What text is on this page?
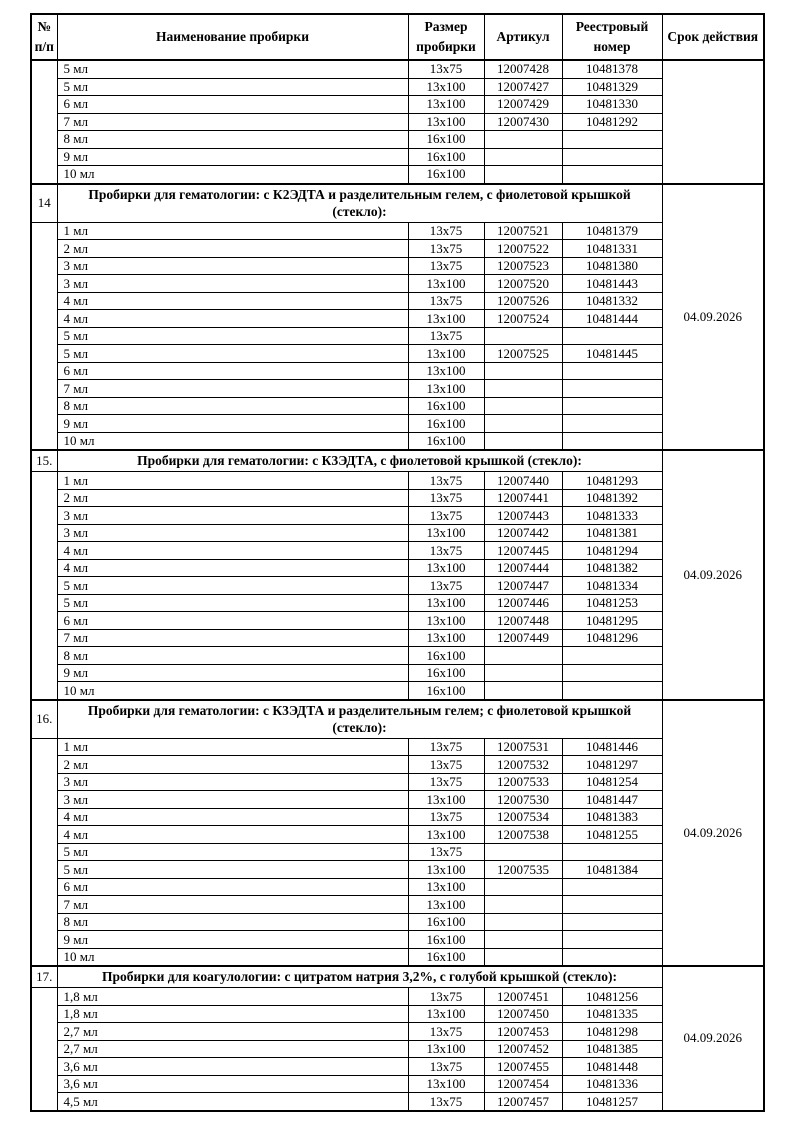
№ п/п	Наименование пробирки	Размер пробирки	Артикул	Реестровый номер	Срок действия
	5 мл	13x75	12007428	10481378	
	5 мл	13x100	12007427	10481329	
	6 мл	13x100	12007429	10481330	
	7 мл	13x100	12007430	10481292	
	8 мл	16x100			
	9 мл	16x100			
	10 мл	16x100			
14	Пробирки для гематологии: с К2ЭДТА и разделительным гелем, с фиолетовой крышкой (стекло):				04.09.2026
	1 мл	13x75	12007521	10481379	
	2 мл	13x75	12007522	10481331	
	3 мл	13x75	12007523	10481380	
	3 мл	13x100	12007520	10481443	
	4 мл	13x75	12007526	10481332	
	4 мл	13x100	12007524	10481444	
	5 мл	13x75			
	5 мл	13x100	12007525	10481445	
	6 мл	13x100			
	7 мл	13x100			
	8 мл	16x100			
	9 мл	16x100			
	10 мл	16x100			
15.	Пробирки для гематологии: с К3ЭДТА, с фиолетовой крышкой (стекло):				04.09.2026
	1 мл	13x75	12007440	10481293	
	2 мл	13x75	12007441	10481392	
	3 мл	13x75	12007443	10481333	
	3 мл	13x100	12007442	10481381	
	4 мл	13x75	12007445	10481294	
	4 мл	13x100	12007444	10481382	
	5 мл	13x75	12007447	10481334	
	5 мл	13x100	12007446	10481253	
	6 мл	13x100	12007448	10481295	
	7 мл	13x100	12007449	10481296	
	8 мл	16x100			
	9 мл	16x100			
	10 мл	16x100			
16.	Пробирки для гематологии: с К3ЭДТА и разделительным гелем; с фиолетовой крышкой (стекло):				04.09.2026
	1 мл	13x75	12007531	10481446	
	2 мл	13x75	12007532	10481297	
	3 мл	13x75	12007533	10481254	
	3 мл	13x100	12007530	10481447	
	4 мл	13x75	12007534	10481383	
	4 мл	13x100	12007538	10481255	
	5 мл	13x75			
	5 мл	13x100	12007535	10481384	
	6 мл	13x100			
	7 мл	13x100			
	8 мл	16x100			
	9 мл	16x100			
	10 мл	16x100			
17.	Пробирки для коагулологии: с цитратом натрия 3,2%, с голубой крышкой (стекло):				04.09.2026
	1,8 мл	13x75	12007451	10481256	
	1,8 мл	13x100	12007450	10481335	
	2,7 мл	13x75	12007453	10481298	
	2,7 мл	13x100	12007452	10481385	
	3,6 мл	13x75	12007455	10481448	
	3,6 мл	13x100	12007454	10481336	
	4,5 мл	13x75	12007457	10481257	
